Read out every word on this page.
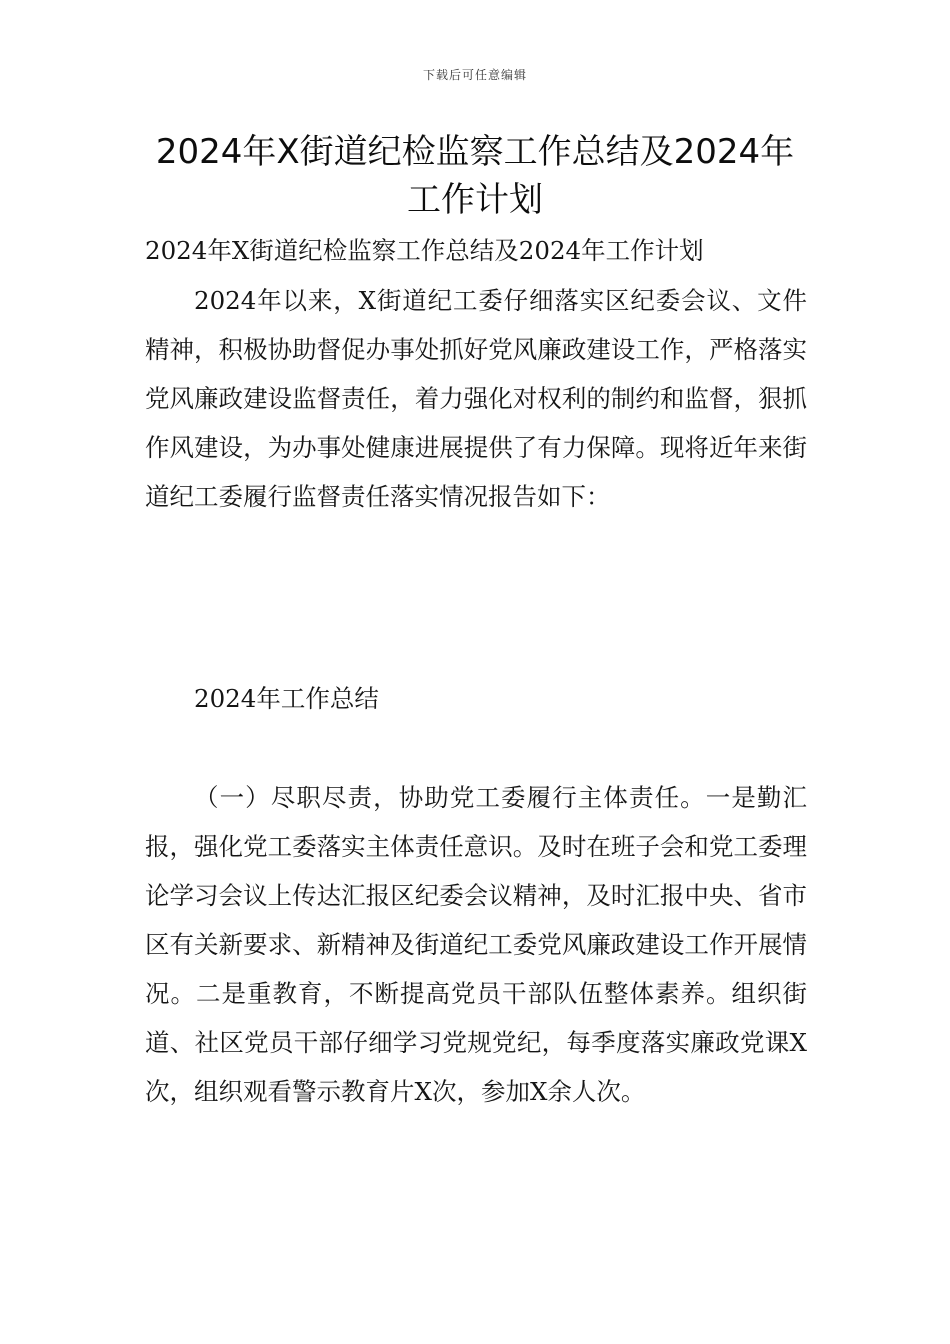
下载后可任意编辑
2024年X街道纪检监察工作总结及2024年工作计划

2024年X街道纪检监察工作总结及2024年工作计划

2024年以来，X街道纪工委仔细落实区纪委会议、文件精神，积极协助督促办事处抓好党风廉政建设工作，严格落实党风廉政建设监督责任，着力强化对权利的制约和监督，狠抓作风建设，为办事处健康进展提供了有力保障。现将近年来街道纪工委履行监督责任落实情况报告如下：

2024年工作总结

（一）尽职尽责，协助党工委履行主体责任。一是勤汇报，强化党工委落实主体责任意识。及时在班子会和党工委理论学习会议上传达汇报区纪委会议精神，及时汇报中央、省市区有关新要求、新精神及街道纪工委党风廉政建设工作开展情况。二是重教育，不断提高党员干部队伍整体素养。组织街道、社区党员干部仔细学习党规党纪，每季度落实廉政党课X次，组织观看警示教育片X次，参加X余人次。
